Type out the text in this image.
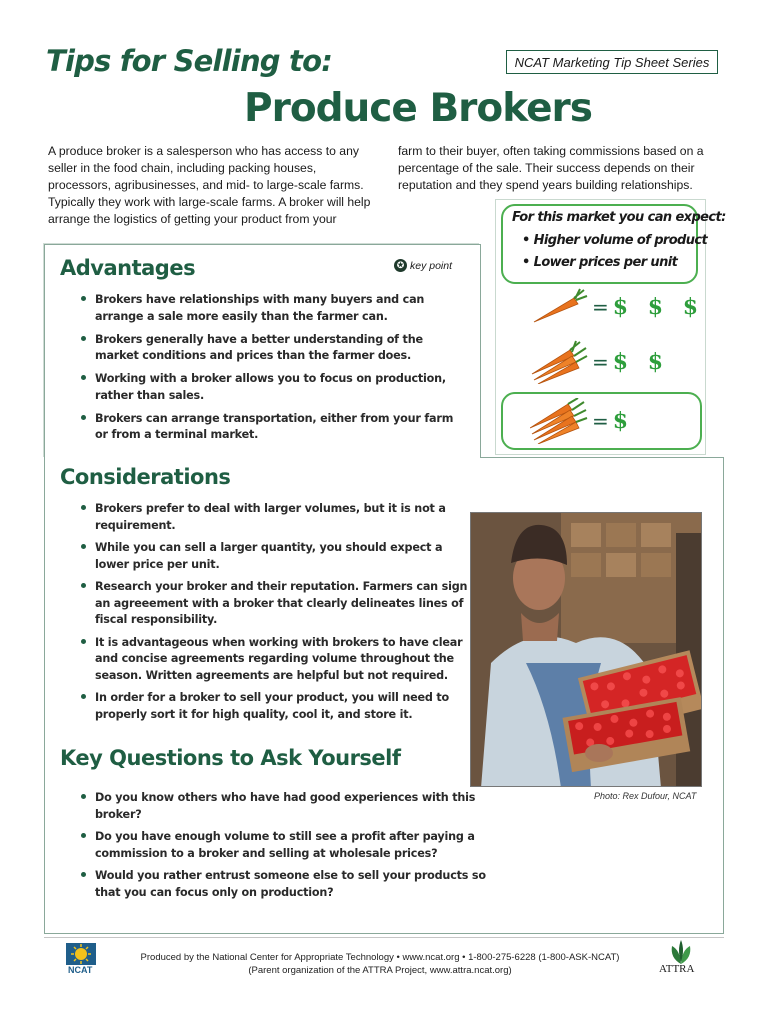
Tips for Selling to:
Produce Brokers
NCAT Marketing Tip Sheet Series

A produce broker is a salesperson who has access to any seller in the food chain, including packing houses, processors, agribusinesses, and mid- to large-scale farms. Typically they work with large-scale farms. A broker will help arrange the logistics of getting your product from your

farm to their buyer, often taking commissions based on a percentage of the sale. Their success depends on their reputation and they spend years building relationships.

Advantages	✪ key point
Brokers have relationships with many buyers and can arrange a sale more easily than the farmer can.
Brokers generally have a better understanding of the market conditions and prices than the farmer does.
Working with a broker allows you to focus on production, rather than sales.
Brokers can arrange transportation, either from your farm or from a terminal market.
For this market you can expect:
• Higher volume of product
• Lower prices per unit
= $ $ $
= $ $
= $
Considerations
Brokers prefer to deal with larger volumes, but it is not a requirement.
While you can sell a larger quantity, you should expect a lower price per unit.
Research your broker and their reputation. Farmers can sign an agreeement with a broker that clearly delineates lines of fiscal responsibility.
It is advantageous when working with brokers to have clear and concise agreements regarding volume throughout the season. Written agreements are helpful but not required.
In order for a broker to sell your product, you will need to properly sort it for high quality, cool it, and store it.
Photo: Rex Dufour, NCAT
Key Questions to Ask Yourself
Do you know others who have had good experiences with this broker?
Do you have enough volume to still see a profit after paying a commission to a broker and selling at wholesale prices?
Would you rather entrust someone else to sell your products so that you can focus only on production?
NCAT
Produced by the National Center for Appropriate Technology • www.ncat.org • 1-800-275-6228 (1-800-ASK-NCAT)
(Parent organization of the ATTRA Project, www.attra.ncat.org)	ATTRA
